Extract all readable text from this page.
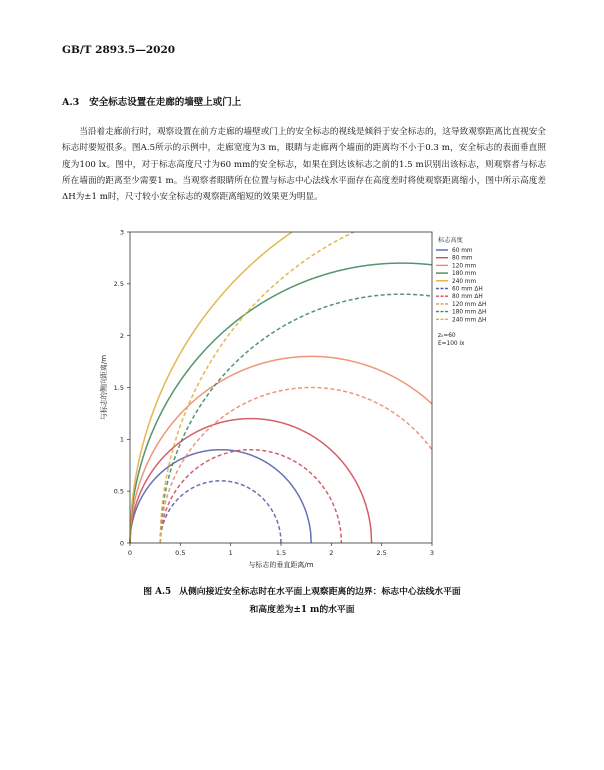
GB/T 2893.5—2020
A.3 安全标志设置在走廊的墙壁上或门上
当沿着走廊前行时，观察设置在前方走廊的墙壁或门上的安全标志的视线是倾斜于安全标志的，这导致观察距离比直视安全标志时要短很多。图A.5所示的示例中，走廊宽度为3 m，眼睛与走廊两个墙面的距离均不小于0.3 m，安全标志的表面垂直照度为100 lx。图中，对于标志高度尺寸为60 mm的安全标志，如果在到达该标志之前的1.5 m识别出该标志，则观察者与标志所在墙面的距离至少需要1 m。当观察者眼睛所在位置与标志中心法线水平面存在高度差时将使观察距离缩小，图中所示高度差ΔH为±1 m时，尺寸较小安全标志的观察距离缩短的效果更为明显。
0	0.5	1	1.5	2	2.5	3
0
0.5
1
1.5
2
2.5
3
与标志的垂直距离/m
与标志的侧向距离/m
标志高度
60 mm
80 mm
120 mm
180 mm
240 mm
60 mm ΔH
80 mm ΔH
120 mm ΔH
180 mm ΔH
240 mm ΔH
z₀=60
E=100 lx
图 A.5 从侧向接近安全标志时在水平面上观察距离的边界：标志中心法线水平面
和高度差为±1 m的水平面
